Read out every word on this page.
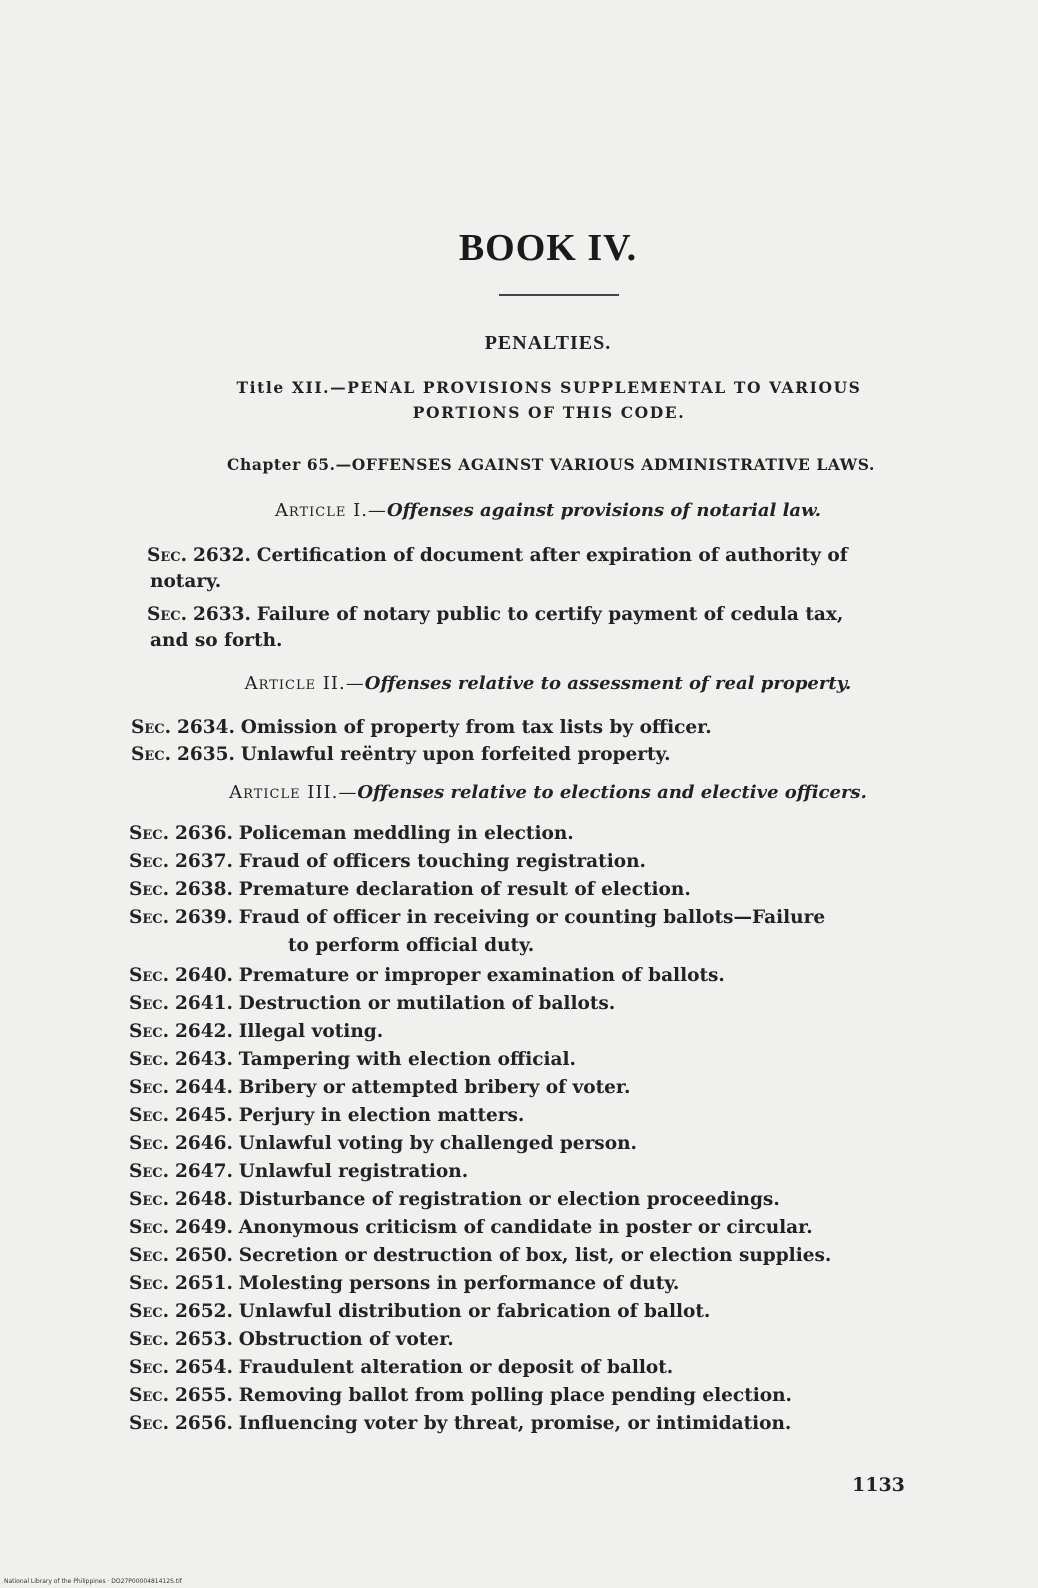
BOOK IV.
PENALTIES.
Title XII.—PENAL PROVISIONS SUPPLEMENTAL TO VARIOUS
PORTIONS OF THIS CODE.
Chapter 65.—OFFENSES AGAINST VARIOUS ADMINISTRATIVE LAWS.
Article I.—Offenses against provisions of notarial law.
Sec. 2632. Certification of document after expiration of authority of
notary.
Sec. 2633. Failure of notary public to certify payment of cedula tax,
and so forth.
Article II.—Offenses relative to assessment of real property.
Sec. 2634. Omission of property from tax lists by officer.
Sec. 2635. Unlawful reëntry upon forfeited property.
Article III.—Offenses relative to elections and elective officers.
Sec. 2636. Policeman meddling in election.
Sec. 2637. Fraud of officers touching registration.
Sec. 2638. Premature declaration of result of election.
Sec. 2639. Fraud of officer in receiving or counting ballots—Failure
to perform official duty.
Sec. 2640. Premature or improper examination of ballots.
Sec. 2641. Destruction or mutilation of ballots.
Sec. 2642. Illegal voting.
Sec. 2643. Tampering with election official.
Sec. 2644. Bribery or attempted bribery of voter.
Sec. 2645. Perjury in election matters.
Sec. 2646. Unlawful voting by challenged person.
Sec. 2647. Unlawful registration.
Sec. 2648. Disturbance of registration or election proceedings.
Sec. 2649. Anonymous criticism of candidate in poster or circular.
Sec. 2650. Secretion or destruction of box, list, or election supplies.
Sec. 2651. Molesting persons in performance of duty.
Sec. 2652. Unlawful distribution or fabrication of ballot.
Sec. 2653. Obstruction of voter.
Sec. 2654. Fraudulent alteration or deposit of ballot.
Sec. 2655. Removing ballot from polling place pending election.
Sec. 2656. Influencing voter by threat, promise, or intimidation.
1133
National Library of the Philippines · DO27P0000481412S.tif
